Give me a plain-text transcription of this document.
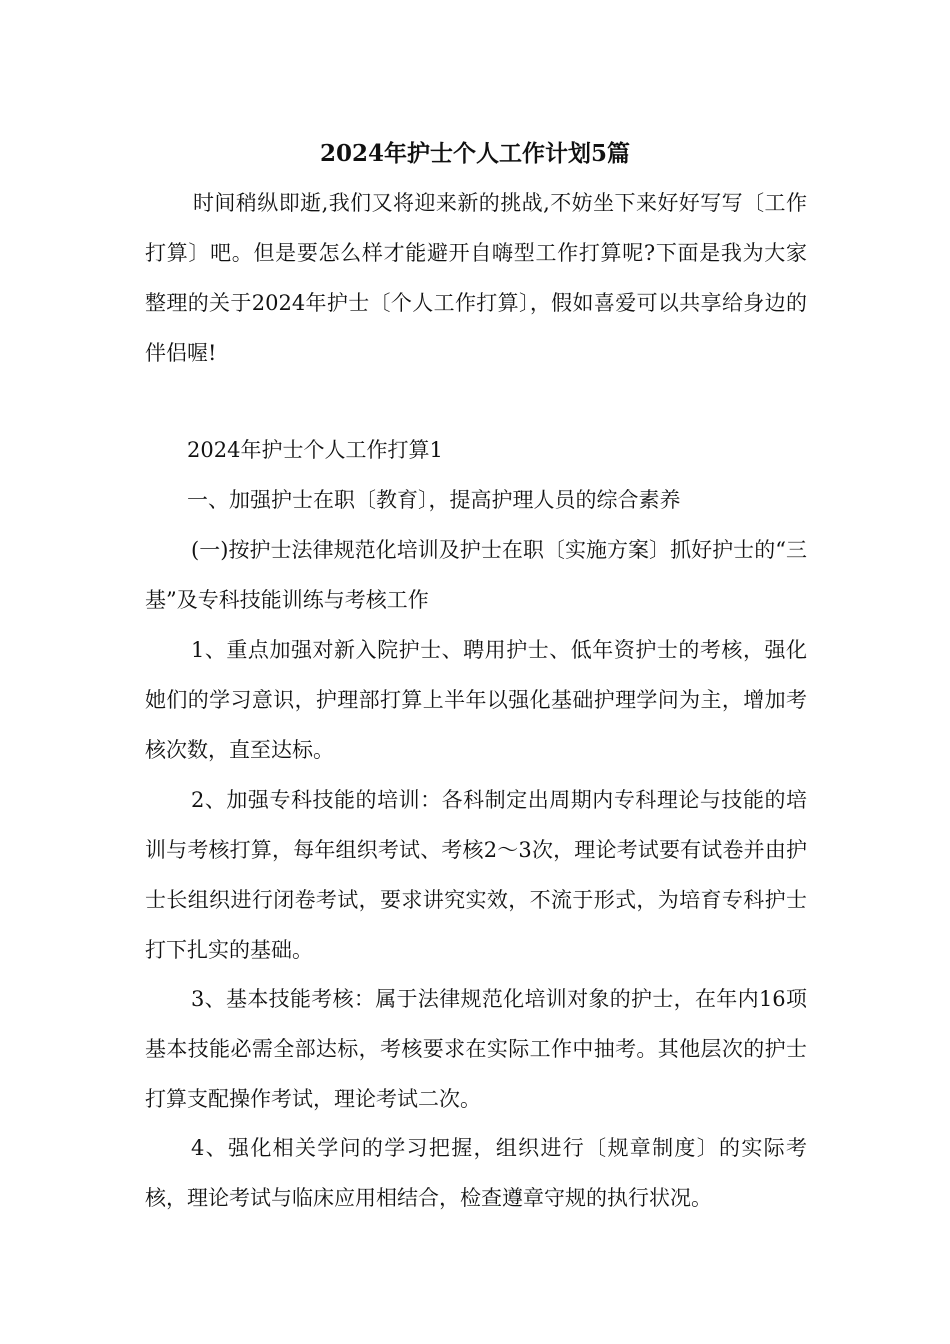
2024年护士个人工作计划5篇

时间稍纵即逝,我们又将迎来新的挑战,不妨坐下来好好写写〔工作打算〕吧。但是要怎么样才能避开自嗨型工作打算呢?下面是我为大家整理的关于2024年护士〔个人工作打算〕，假如喜爱可以共享给身边的伴侣喔!

2024年护士个人工作打算1

一、加强护士在职〔教育〕，提高护理人员的综合素养

(一)按护士法律规范化培训及护士在职〔实施方案〕抓好护士的“三基”及专科技能训练与考核工作

1、重点加强对新入院护士、聘用护士、低年资护士的考核，强化她们的学习意识，护理部打算上半年以强化基础护理学问为主，增加考核次数，直至达标。

2、加强专科技能的培训：各科制定出周期内专科理论与技能的培训与考核打算，每年组织考试、考核2～3次，理论考试要有试卷并由护士长组织进行闭卷考试，要求讲究实效，不流于形式，为培育专科护士打下扎实的基础。

3、基本技能考核：属于法律规范化培训对象的护士，在年内16项基本技能必需全部达标，考核要求在实际工作中抽考。其他层次的护士打算支配操作考试，理论考试二次。

4、强化相关学问的学习把握，组织进行〔规章制度〕的实际考核，理论考试与临床应用相结合，检查遵章守规的执行状况。
